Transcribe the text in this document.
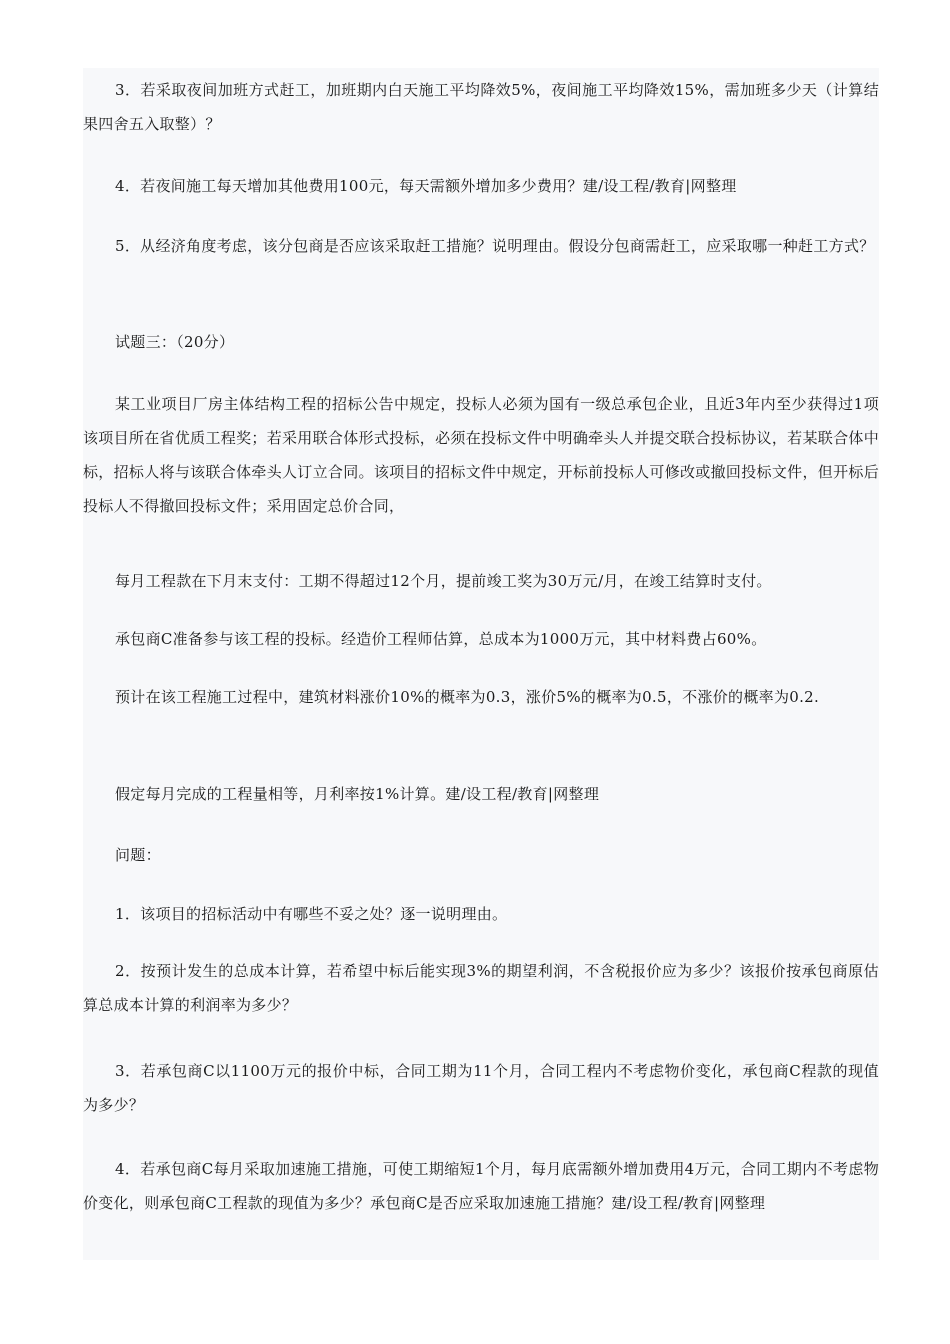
3．若采取夜间加班方式赶工，加班期内白天施工平均降效5%，夜间施工平均降效15%，需加班多少天（计算结果四舍五入取整）？

4．若夜间施工每天增加其他费用100元，每天需额外增加多少费用？建/设工程/教育|网整理

5．从经济角度考虑，该分包商是否应该采取赶工措施？说明理由。假设分包商需赶工，应采取哪一种赶工方式？

试题三：（20分）

某工业项目厂房主体结构工程的招标公告中规定，投标人必须为国有一级总承包企业，且近3年内至少获得过1项该项目所在省优质工程奖；若采用联合体形式投标，必须在投标文件中明确牵头人并提交联合投标协议，若某联合体中标，招标人将与该联合体牵头人订立合同。该项目的招标文件中规定，开标前投标人可修改或撤回投标文件，但开标后投标人不得撤回投标文件；采用固定总价合同，

每月工程款在下月末支付：工期不得超过12个月，提前竣工奖为30万元/月，在竣工结算时支付。

承包商C准备参与该工程的投标。经造价工程师估算，总成本为1000万元，其中材料费占60%。

预计在该工程施工过程中，建筑材料涨价10%的概率为0.3，涨价5%的概率为0.5，不涨价的概率为0.2.

假定每月完成的工程量相等，月利率按1%计算。建/设工程/教育|网整理

问题：

1．该项目的招标活动中有哪些不妥之处？逐一说明理由。

2．按预计发生的总成本计算，若希望中标后能实现3%的期望利润，不含税报价应为多少？该报价按承包商原估算总成本计算的利润率为多少？

3．若承包商C以1100万元的报价中标，合同工期为11个月，合同工程内不考虑物价变化，承包商C程款的现值为多少？

4．若承包商C每月采取加速施工措施，可使工期缩短1个月，每月底需额外增加费用4万元，合同工期内不考虑物价变化，则承包商C工程款的现值为多少？承包商C是否应采取加速施工措施？建/设工程/教育|网整理
